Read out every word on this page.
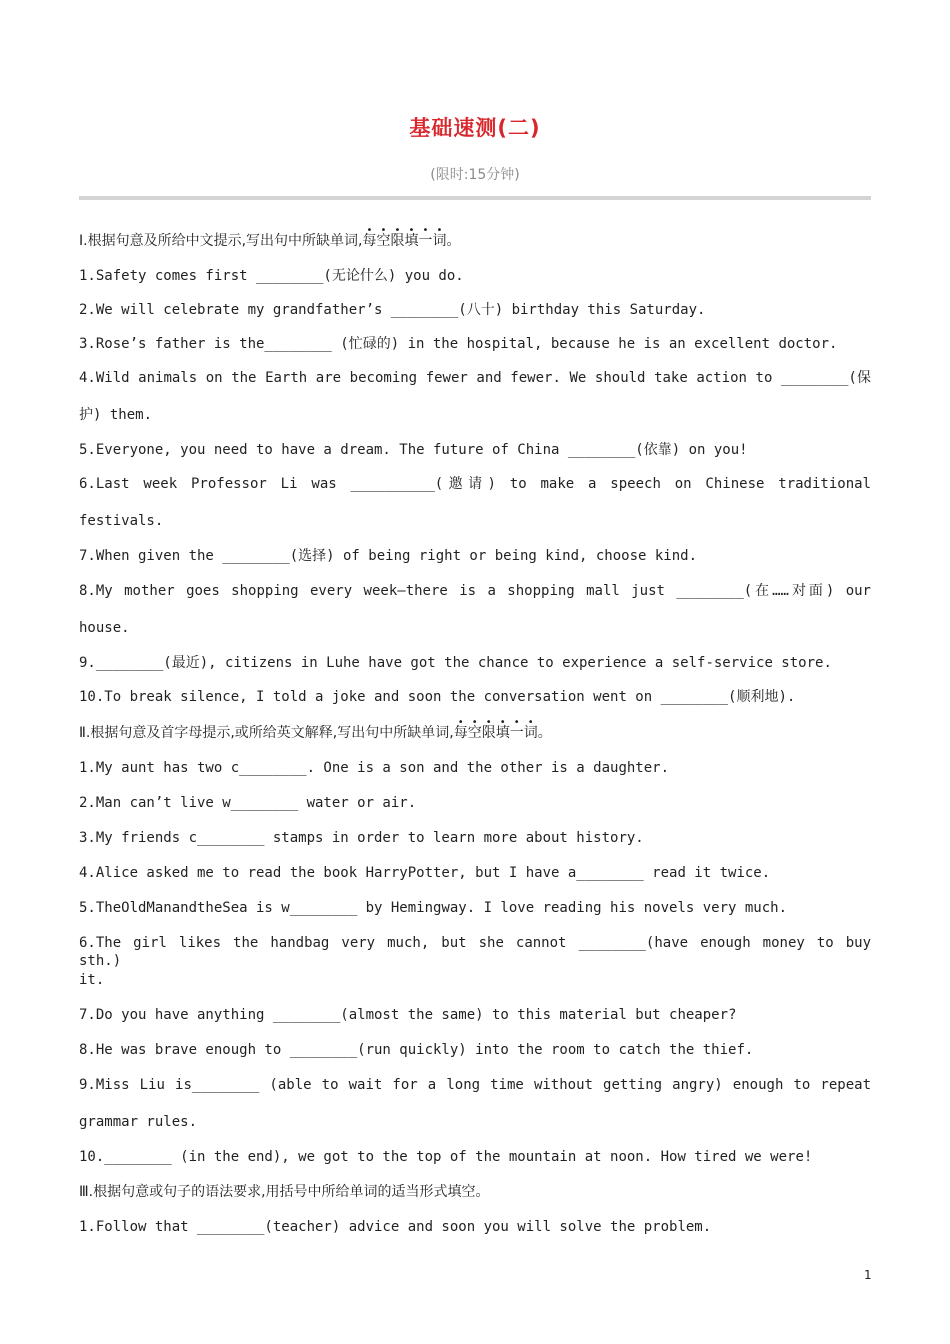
基础速测(二)
(限时:15分钟)
Ⅰ.根据句意及所给中文提示,写出句中所缺单词,每空限填一词。
1.Safety comes first ________(无论什么) you do.
2.We will celebrate my grandfather’s ________(八十) birthday this Saturday.
3.Rose’s father is the________ (忙碌的) in the hospital, because he is an excellent doctor.
4.Wild animals on the Earth are becoming fewer and fewer. We should take action to ________(保
护) them.
5.Everyone, you need to have a dream. The future of China ________(依靠) on you!
6.Last week Professor Li was __________(邀请) to make a speech on Chinese traditional
festivals.
7.When given the ________(选择) of being right or being kind, choose kind.
8.My mother goes shopping every week—there is a shopping mall just ________(在……对面) our
house.
9.________(最近), citizens in Luhe have got the chance to experience a self-service store.
10.To break silence, I told a joke and soon the conversation went on ________(顺利地).
Ⅱ.根据句意及首字母提示,或所给英文解释,写出句中所缺单词,每空限填一词。
1.My aunt has two c________. One is a son and the other is a daughter.
2.Man can’t live w________ water or air.
3.My friends c________ stamps in order to learn more about history.
4.Alice asked me to read the book HarryPotter, but I have a________ read it twice.
5.TheOldManandtheSea is w________ by Hemingway. I love reading his novels very much.
6.The girl likes the handbag very much, but she cannot ________(have enough money to buy sth.)
it.
7.Do you have anything ________(almost the same) to this material but cheaper?
8.He was brave enough to ________(run quickly) into the room to catch the thief.
9.Miss Liu is________ (able to wait for a long time without getting angry) enough to repeat
grammar rules.
10.________ (in the end), we got to the top of the mountain at noon. How tired we were!
Ⅲ.根据句意或句子的语法要求,用括号中所给单词的适当形式填空。
1.Follow that ________(teacher) advice and soon you will solve the problem.
1
